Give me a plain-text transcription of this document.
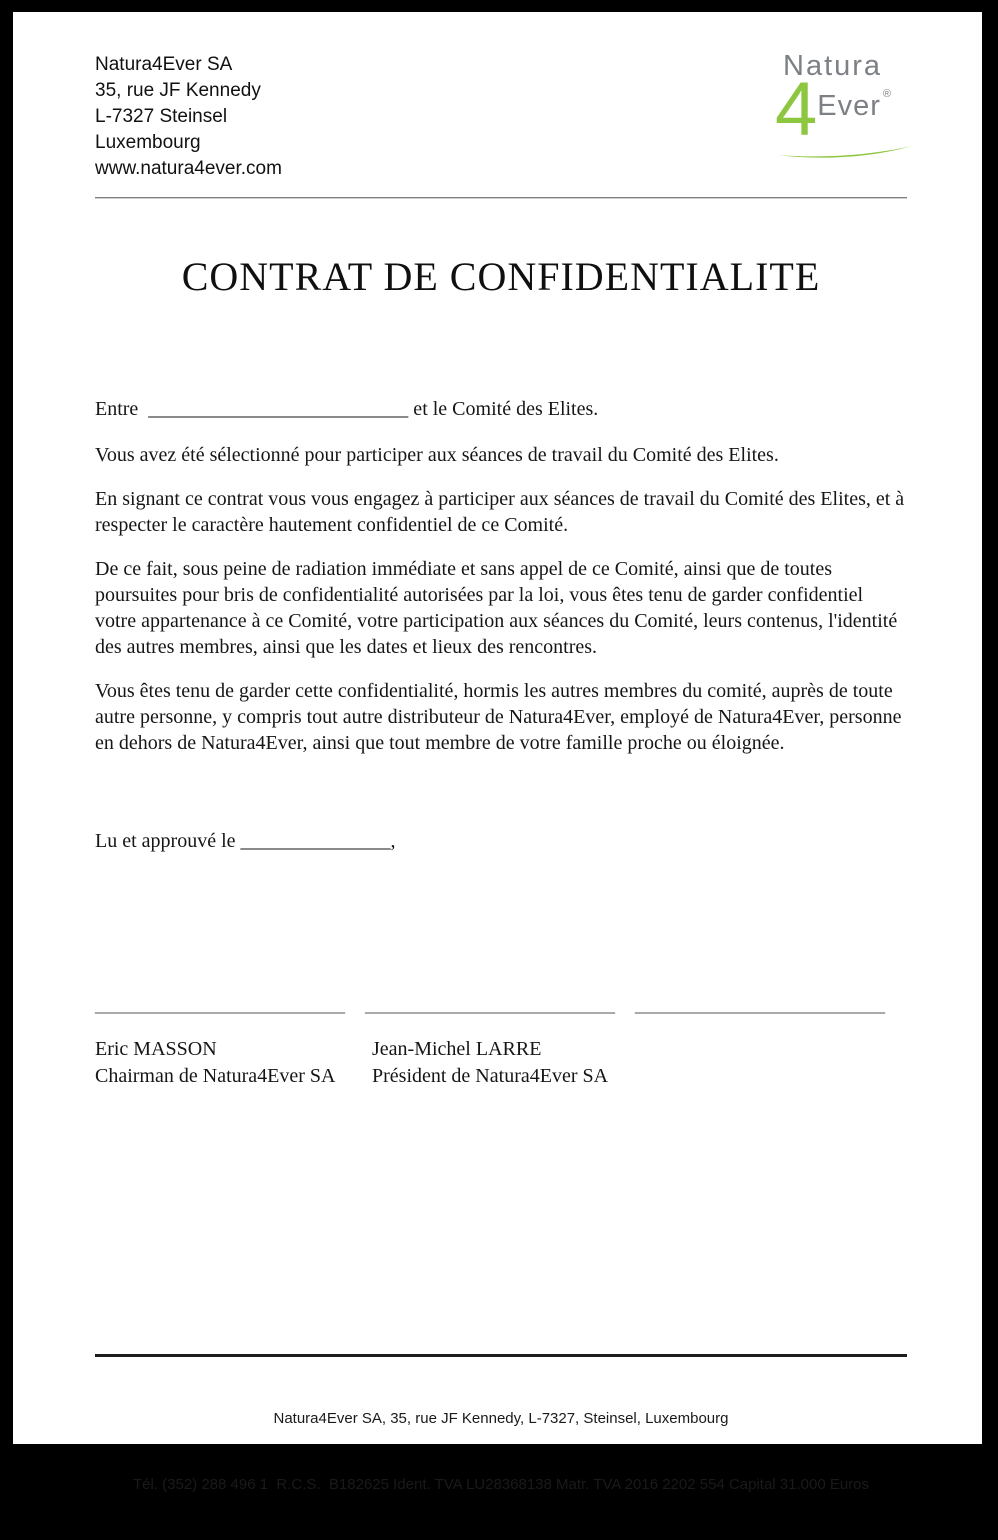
Natura4Ever SA
35, rue JF Kennedy
L-7327 Steinsel
Luxembourg
www.natura4ever.com
Natura
4 Ever ®
CONTRAT DE CONFIDENTIALITE

Entre  __________________________ et le Comité des Elites.

Vous avez été sélectionné pour participer aux séances de travail du Comité des Elites.

En signant ce contrat vous vous engagez à participer aux séances de travail du Comité des Elites, et à respecter le caractère hautement confidentiel de ce Comité.

De ce fait, sous peine de radiation immédiate et sans appel de ce Comité, ainsi que de toutes poursuites pour bris de confidentialité autorisées par la loi, vous êtes tenu de garder confidentiel votre appartenance à ce Comité, votre participation aux séances du Comité, leurs contenus, l'identité des autres membres, ainsi que les dates et lieux des rencontres.

Vous êtes tenu de garder cette confidentialité, hormis les autres membres du comité, auprès de toute autre personne, y compris tout autre distributeur de Natura4Ever, employé de Natura4Ever, personne en dehors de Natura4Ever, ainsi que tout membre de votre famille proche ou éloignée.

Lu et approuvé le _______________,

_________________________ _________________________ _________________________
Eric MASSON
Chairman de Natura4Ever SA
Jean-Michel LARRE
Président de Natura4Ever SA

Natura4Ever SA, 35, rue JF Kennedy, L-7327, Steinsel, Luxembourg

Tél. (352) 288 496 1  R.C.S.  B182625 Ident. TVA LU28368138 Matr. TVA 2016 2202 554 Capital 31.000 Euros
